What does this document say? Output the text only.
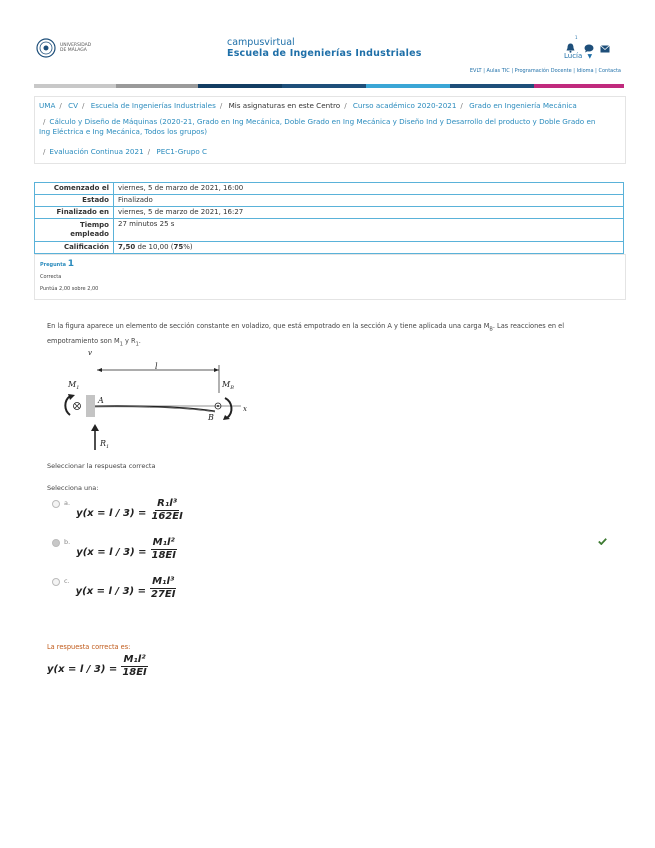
UNIVERSIDAD
DE MÁLAGA
campusvirtual
Escuela de Ingenierías Industriales
1
Lucía ▼
EVLT | Aulas TIC | Programación Docente | Idioma | Contacta
UMA / CV / Escuela de Ingenierías Industriales / Mis asignaturas en este Centro / Curso académico 2020-2021 / Grado en Ingeniería Mecánica
/ Cálculo y Diseño de Máquinas (2020-21, Grado en Ing Mecánica, Doble Grado en Ing Mecánica y Diseño Ind y Desarrollo del producto y Doble Grado en
Ing Eléctrica e Ing Mecánica, Todos los grupos)
/ Evaluación Continua 2021 / PEC1-Grupo C
Comenzado el	viernes, 5 de marzo de 2021, 16:00
Estado	Finalizado
Finalizado en	viernes, 5 de marzo de 2021, 16:27
Tiempo empleado	27 minutos 25 s
Calificación	7,50 de 10,00 (75%)
Pregunta 1
Correcta
Puntúa 2,00 sobre 2,00
En la figura aparece un elemento de sección constante en voladizo, que está empotrado en la sección A y tiene aplicada una carga $M_B$. Las reacciones en el
empotramiento son $M_1$ y $R_1$.
v
l
$M_1$	$M_B$
A
x
B
$R_1$
Seleccionar la respuesta correcta
Selecciona una:
a.
$y(x = l / 3) = \frac{\text{R₁l³}}{162EI}$
b.
$y(x = l / 3) = \frac{\text{M₁l²}}{18EI}$
c.
$y(x = l / 3) = \frac{\text{M₁l³}}{27EI}$
La respuesta correcta es:
$y(x = l / 3) = \frac{\text{M₁l²}}{18EI}$
